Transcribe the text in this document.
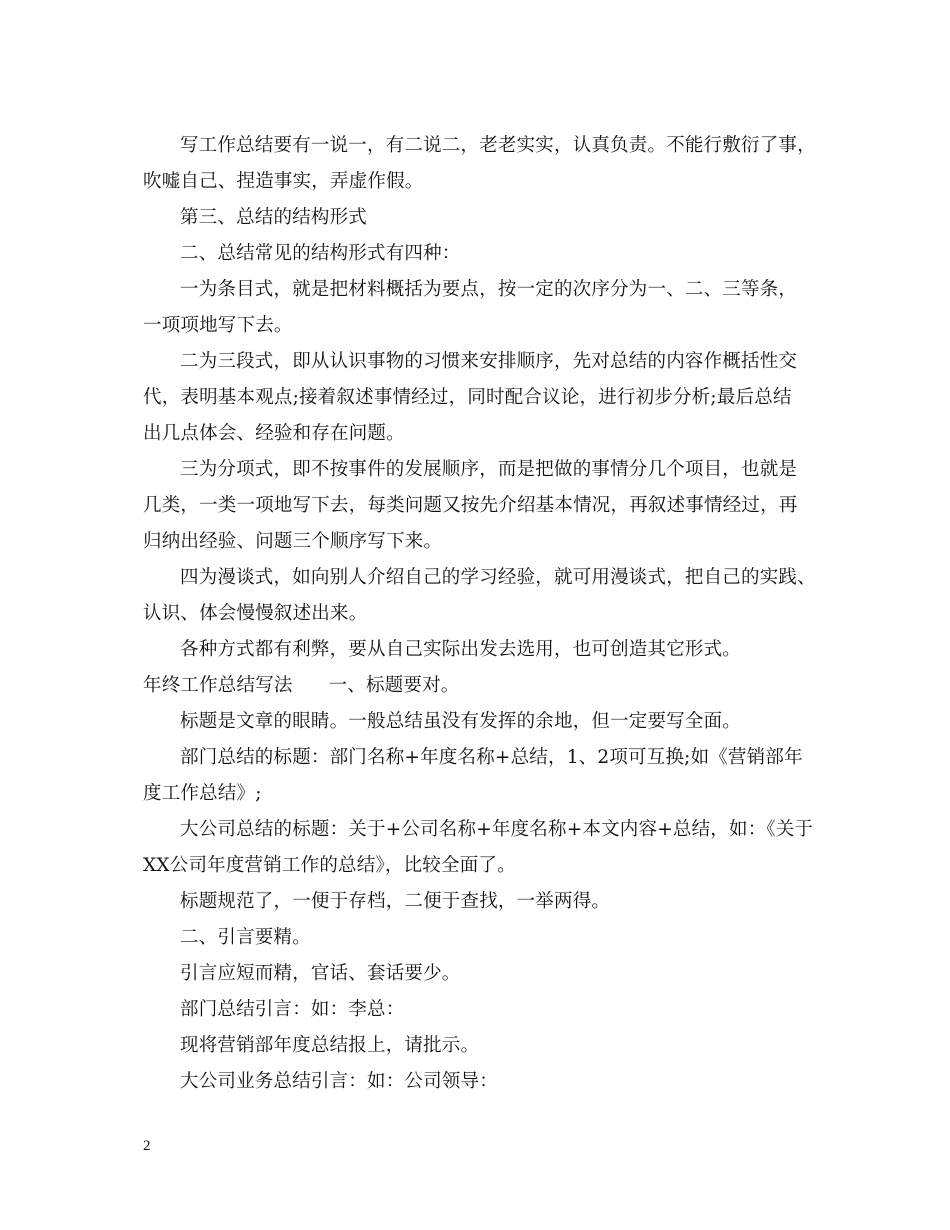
写工作总结要有一说一，有二说二，老老实实，认真负责。不能行敷衍了事，
吹嘘自己、捏造事实，弄虚作假。
第三、总结的结构形式
二、总结常见的结构形式有四种：
一为条目式，就是把材料概括为要点，按一定的次序分为一、二、三等条，
一项项地写下去。
二为三段式，即从认识事物的习惯来安排顺序，先对总结的内容作概括性交
代，表明基本观点;接着叙述事情经过，同时配合议论，进行初步分析;最后总结
出几点体会、经验和存在问题。
三为分项式，即不按事件的发展顺序，而是把做的事情分几个项目，也就是
几类，一类一项地写下去，每类问题又按先介绍基本情况，再叙述事情经过，再
归纳出经验、问题三个顺序写下来。
四为漫谈式，如向别人介绍自己的学习经验，就可用漫谈式，把自己的实践、
认识、体会慢慢叙述出来。
各种方式都有利弊，要从自己实际出发去选用，也可创造其它形式。
年终工作总结写法 一、标题要对。
标题是文章的眼睛。一般总结虽没有发挥的余地，但一定要写全面。
部门总结的标题：部门名称+年度名称+总结，1、2项可互换;如《营销部年
度工作总结》;
大公司总结的标题：关于+公司名称+年度名称+本文内容+总结，如：《关于
XX公司年度营销工作的总结》，比较全面了。
标题规范了，一便于存档，二便于查找，一举两得。
二、引言要精。
引言应短而精，官话、套话要少。
部门总结引言：如：李总：
现将营销部年度总结报上，请批示。
大公司业务总结引言：如：公司领导：
2
